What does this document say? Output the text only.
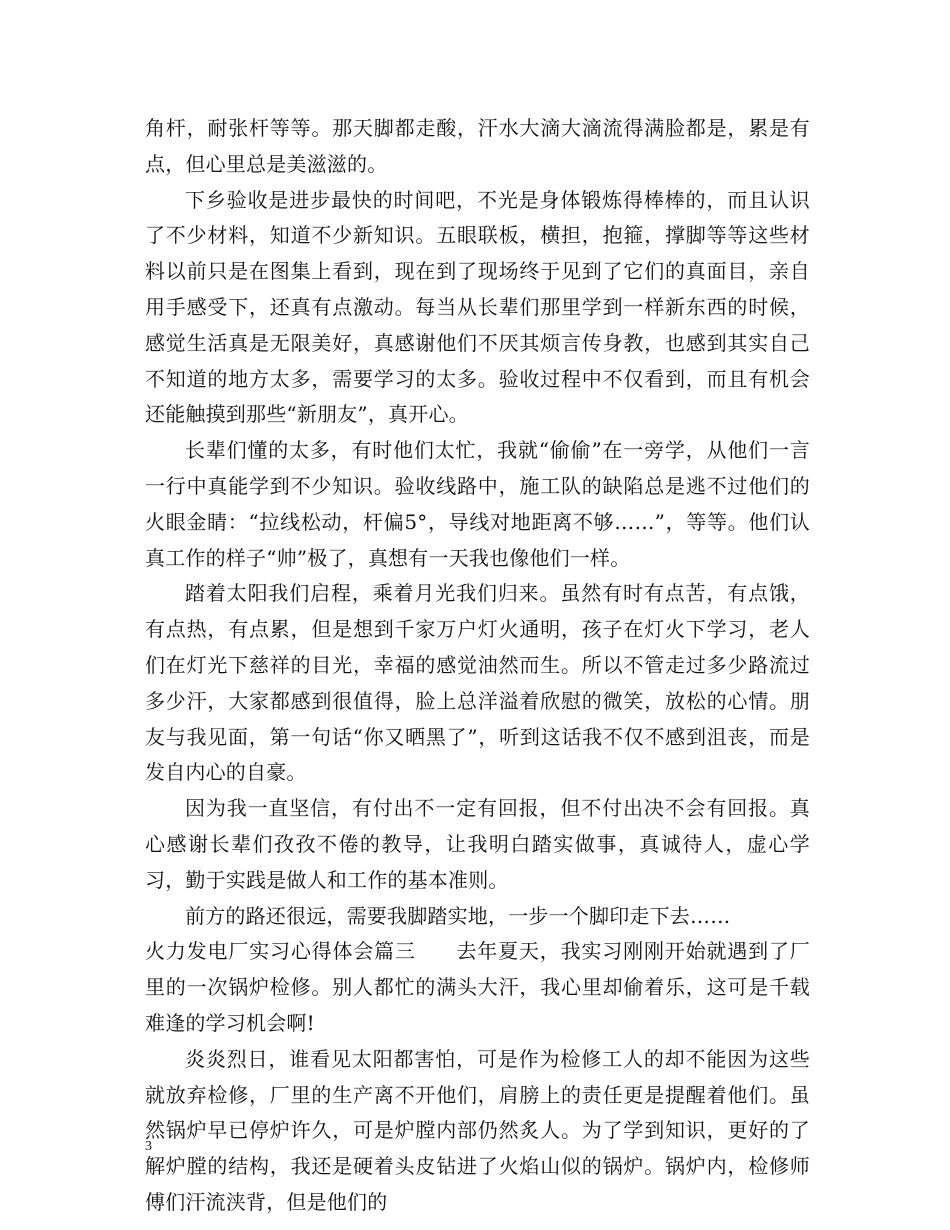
角杆，耐张杆等等。那天脚都走酸，汗水大滴大滴流得满脸都是，累是有点，但心里总是美滋滋的。

下乡验收是进步最快的时间吧，不光是身体锻炼得棒棒的，而且认识了不少材料，知道不少新知识。五眼联板，横担，抱箍，撑脚等等这些材料以前只是在图集上看到，现在到了现场终于见到了它们的真面目，亲自用手感受下，还真有点激动。每当从长辈们那里学到一样新东西的时候，感觉生活真是无限美好，真感谢他们不厌其烦言传身教，也感到其实自己不知道的地方太多，需要学习的太多。验收过程中不仅看到，而且有机会还能触摸到那些“新朋友”，真开心。

长辈们懂的太多，有时他们太忙，我就“偷偷”在一旁学，从他们一言一行中真能学到不少知识。验收线路中，施工队的缺陷总是逃不过他们的火眼金睛：“拉线松动，杆偏5°，导线对地距离不够……”，等等。他们认真工作的样子“帅”极了，真想有一天我也像他们一样。

踏着太阳我们启程，乘着月光我们归来。虽然有时有点苦，有点饿，有点热，有点累，但是想到千家万户灯火通明，孩子在灯火下学习，老人们在灯光下慈祥的目光，幸福的感觉油然而生。所以不管走过多少路流过多少汗，大家都感到很值得，脸上总洋溢着欣慰的微笑，放松的心情。朋友与我见面，第一句话“你又晒黑了”，听到这话我不仅不感到沮丧，而是发自内心的自豪。

因为我一直坚信，有付出不一定有回报，但不付出决不会有回报。真心感谢长辈们孜孜不倦的教导，让我明白踏实做事，真诚待人，虚心学习，勤于实践是做人和工作的基本准则。

前方的路还很远，需要我脚踏实地，一步一个脚印走下去……

火力发电厂实习心得体会篇三 去年夏天，我实习刚刚开始就遇到了厂里的一次锅炉检修。别人都忙的满头大汗，我心里却偷着乐，这可是千载难逢的学习机会啊!

炎炎烈日，谁看见太阳都害怕，可是作为检修工人的却不能因为这些就放弃检修，厂里的生产离不开他们，肩膀上的责任更是提醒着他们。虽然锅炉早已停炉许久，可是炉膛内部仍然炙人。为了学到知识，更好的了解炉膛的结构，我还是硬着头皮钻进了火焰山似的锅炉。锅炉内，检修师傅们汗流浃背，但是他们的

3
